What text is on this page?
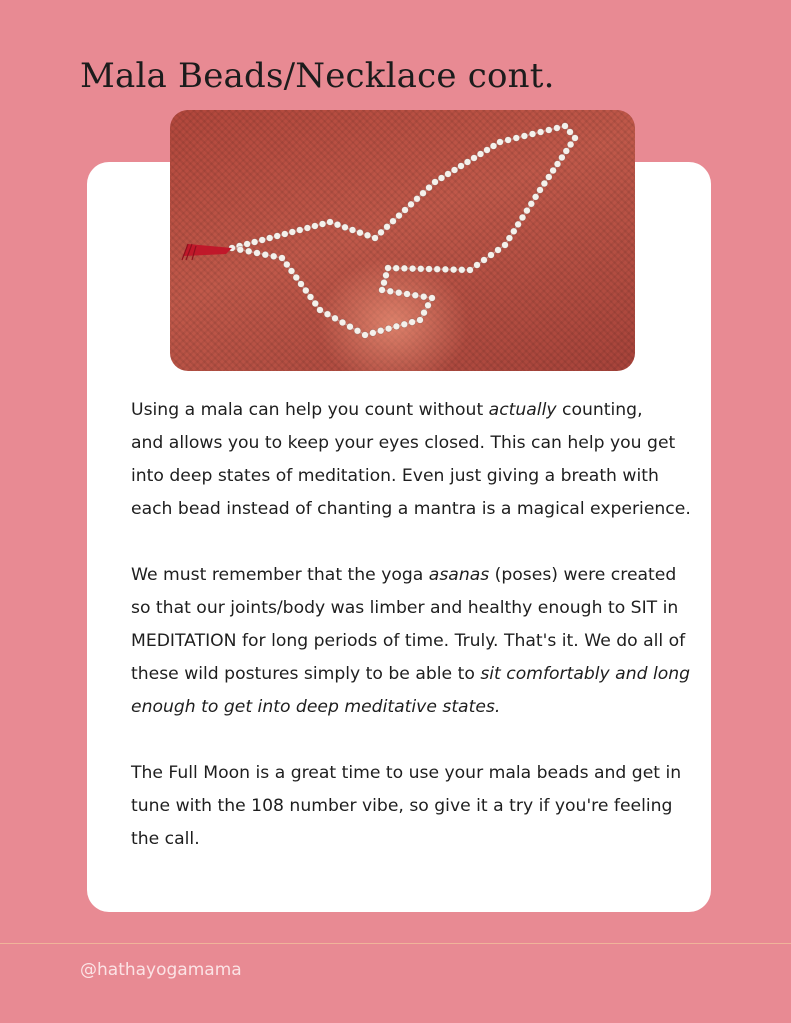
Mala Beads/Necklace cont.

Using a mala can help you count without actually counting,
and allows you to keep your eyes closed. This can help you get into deep states of meditation. Even just giving a breath with each bead instead of chanting a mantra is a magical experience.

We must remember that the yoga asanas (poses) were created so that our joints/body was limber and healthy enough to SIT in MEDITATION for long periods of time. Truly. That's it. We do all of these wild postures simply to be able to sit comfortably and long enough to get into deep meditative states.

The Full Moon is a great time to use your mala beads and get in tune with the 108 number vibe, so give it a try if you're feeling the call.

@hathayogamama
